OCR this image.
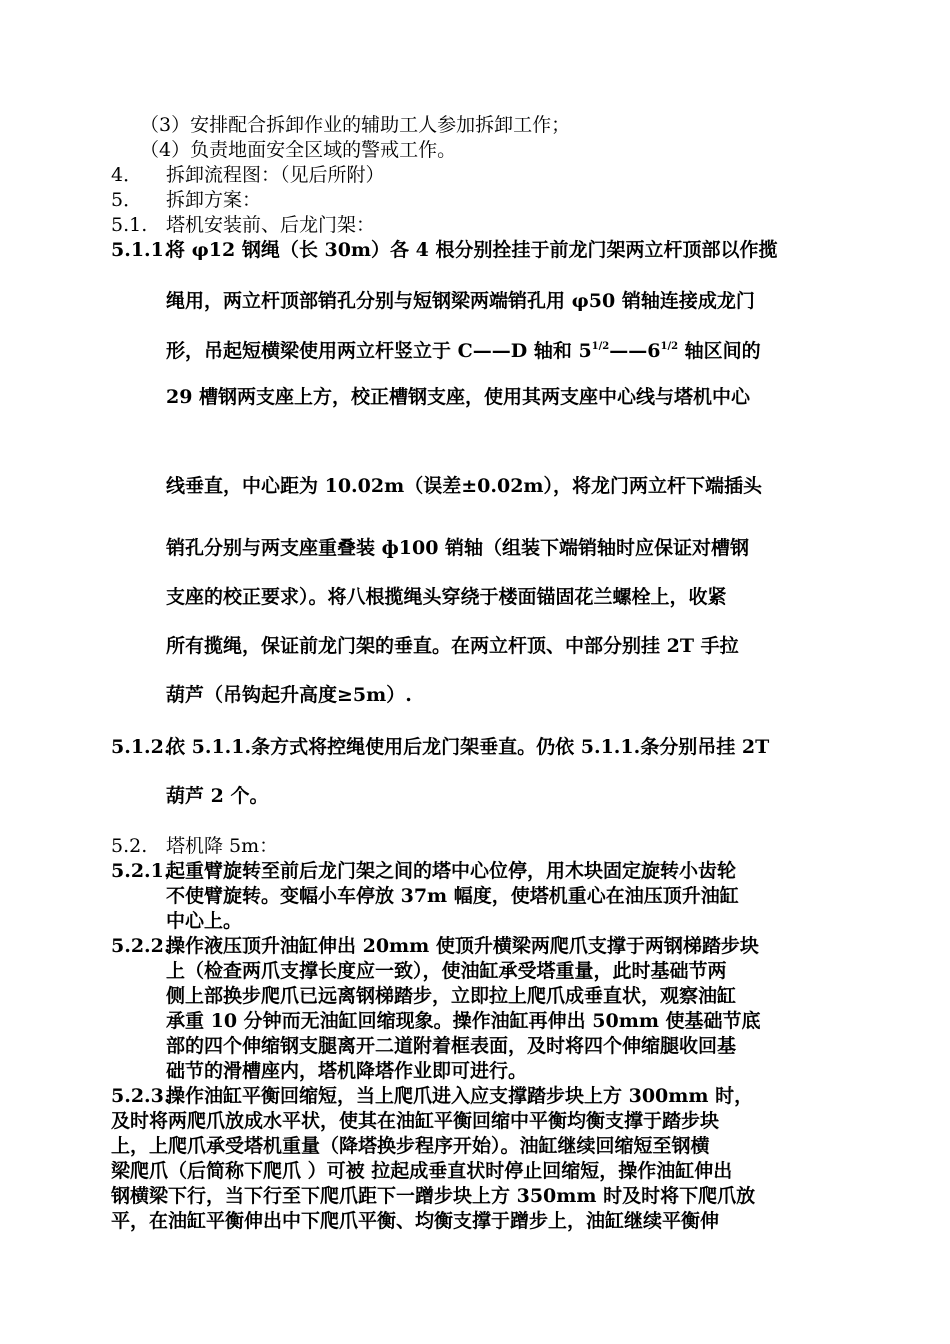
（3）安排配合拆卸作业的辅助工人参加拆卸工作；
（4）负责地面安全区域的警戒工作。
4． 拆卸流程图：（见后所附）
5． 拆卸方案：
5.1. 塔机安装前、后龙门架：
5.1.1.
将 φ12 钢绳（长 30m）各 4 根分别拴挂于前龙门架两立杆顶部以作揽
绳用，两立杆顶部销孔分别与短钢梁两端销孔用 φ50 销轴连接成龙门
形，吊起短横梁使用两立杆竖立于 C——D 轴和 $5^{1/2}——6^{1/2}$ 轴区间的
29 槽钢两支座上方，校正槽钢支座，使用其两支座中心线与塔机中心
线垂直，中心距为 10.02m（误差±0.02m），将龙门两立杆下端插头
销孔分别与两支座重叠装 ф100 销轴（组装下端销轴时应保证对槽钢
支座的校正要求）。将八根揽绳头穿绕于楼面锚固花兰螺栓上，收紧
所有揽绳，保证前龙门架的垂直。在两立杆顶、中部分别挂 2T 手拉
葫芦（吊钩起升高度≥5m）.
5.1.2.
依 5.1.1.条方式将控绳使用后龙门架垂直。仍依 5.1.1.条分别吊挂 2T
葫芦 2 个。
5.2. 塔机降 5m：
5.2.1.
起重臂旋转至前后龙门架之间的塔中心位停，用木块固定旋转小齿轮
不使臂旋转。变幅小车停放 37m 幅度，使塔机重心在油压顶升油缸
中心上。
5.2.2.
操作液压顶升油缸伸出 20mm 使顶升横梁两爬爪支撑于两钢梯踏步块
上（检查两爪支撑长度应一致），使油缸承受塔重量，此时基础节两
侧上部换步爬爪已远离钢梯踏步，立即拉上爬爪成垂直状，观察油缸
承重 10 分钟而无油缸回缩现象。操作油缸再伸出 50mm 使基础节底
部的四个伸缩钢支腿离开二道附着框表面，及时将四个伸缩腿收回基
础节的滑槽座内，塔机降塔作业即可进行。
5.2.3.
操作油缸平衡回缩短，当上爬爪进入应支撑踏步块上方 300mm 时，
及时将两爬爪放成水平状，使其在油缸平衡回缩中平衡均衡支撑于踏步块
上，上爬爪承受塔机重量（降塔换步程序开始）。油缸继续回缩短至钢横
梁爬爪（后简称下爬爪 ）可被 拉起成垂直状时停止回缩短，操作油缸伸出
钢横梁下行，当下行至下爬爪距下一蹭步块上方 350mm 时及时将下爬爪放
平，在油缸平衡伸出中下爬爪平衡、均衡支撑于蹭步上，油缸继续平衡伸
